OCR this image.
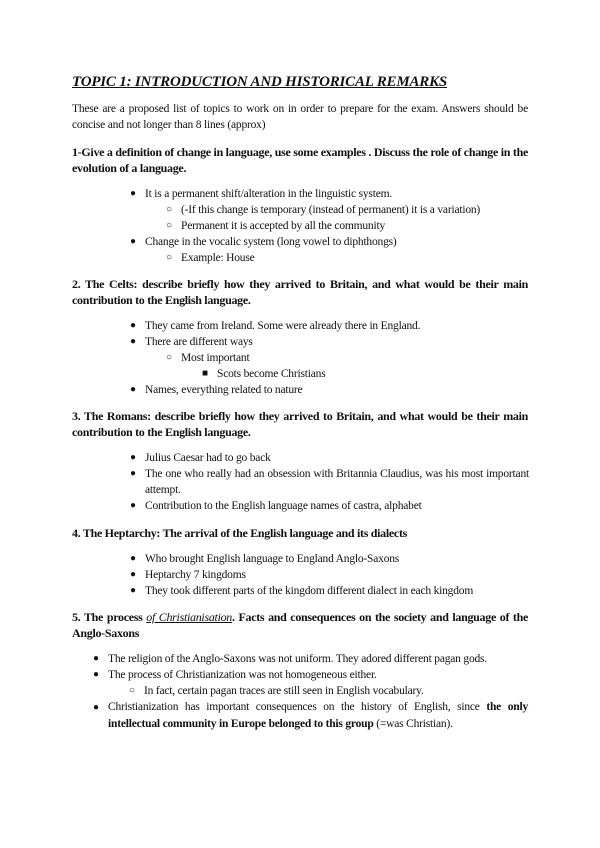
TOPIC 1: INTRODUCTION AND HISTORICAL REMARKS
These are a proposed list of topics to work on in order to prepare for the exam. Answers should be concise and not longer than 8 lines (approx)
1-Give a definition of change in language, use some examples . Discuss the role of change in the evolution of a language.
● It is a permanent shift/alteration in the linguistic system.
○ (-If this change is temporary (instead of permanent) it is a variation)
○ Permanent it is accepted by all the community
● Change in the vocalic system (long vowel to diphthongs)
○ Example: House
2. The Celts: describe briefly how they arrived to Britain, and what would be their main contribution to the English language.
● They came from Ireland. Some were already there in England.
● There are different ways
○ Most important
■ Scots become Christians
● Names, everything related to nature
3. The Romans: describe briefly how they arrived to Britain, and what would be their main contribution to the English language.
● Julius Caesar had to go back
● The one who really had an obsession with Britannia Claudius, was his most important attempt.
● Contribution to the English language names of castra, alphabet
4. The Heptarchy: The arrival of the English language and its dialects
● Who brought English language to England Anglo-Saxons
● Heptarchy 7 kingdoms
● They took different parts of the kingdom different dialect in each kingdom
5. The process of Christianisation. Facts and consequences on the society and language of the Anglo-Saxons
● The religion of the Anglo-Saxons was not uniform. They adored different pagan gods.
● The process of Christianization was not homogeneous either.
○ In fact, certain pagan traces are still seen in English vocabulary.
● Christianization has important consequences on the history of English, since the only intellectual community in Europe belonged to this group (=was Christian).
